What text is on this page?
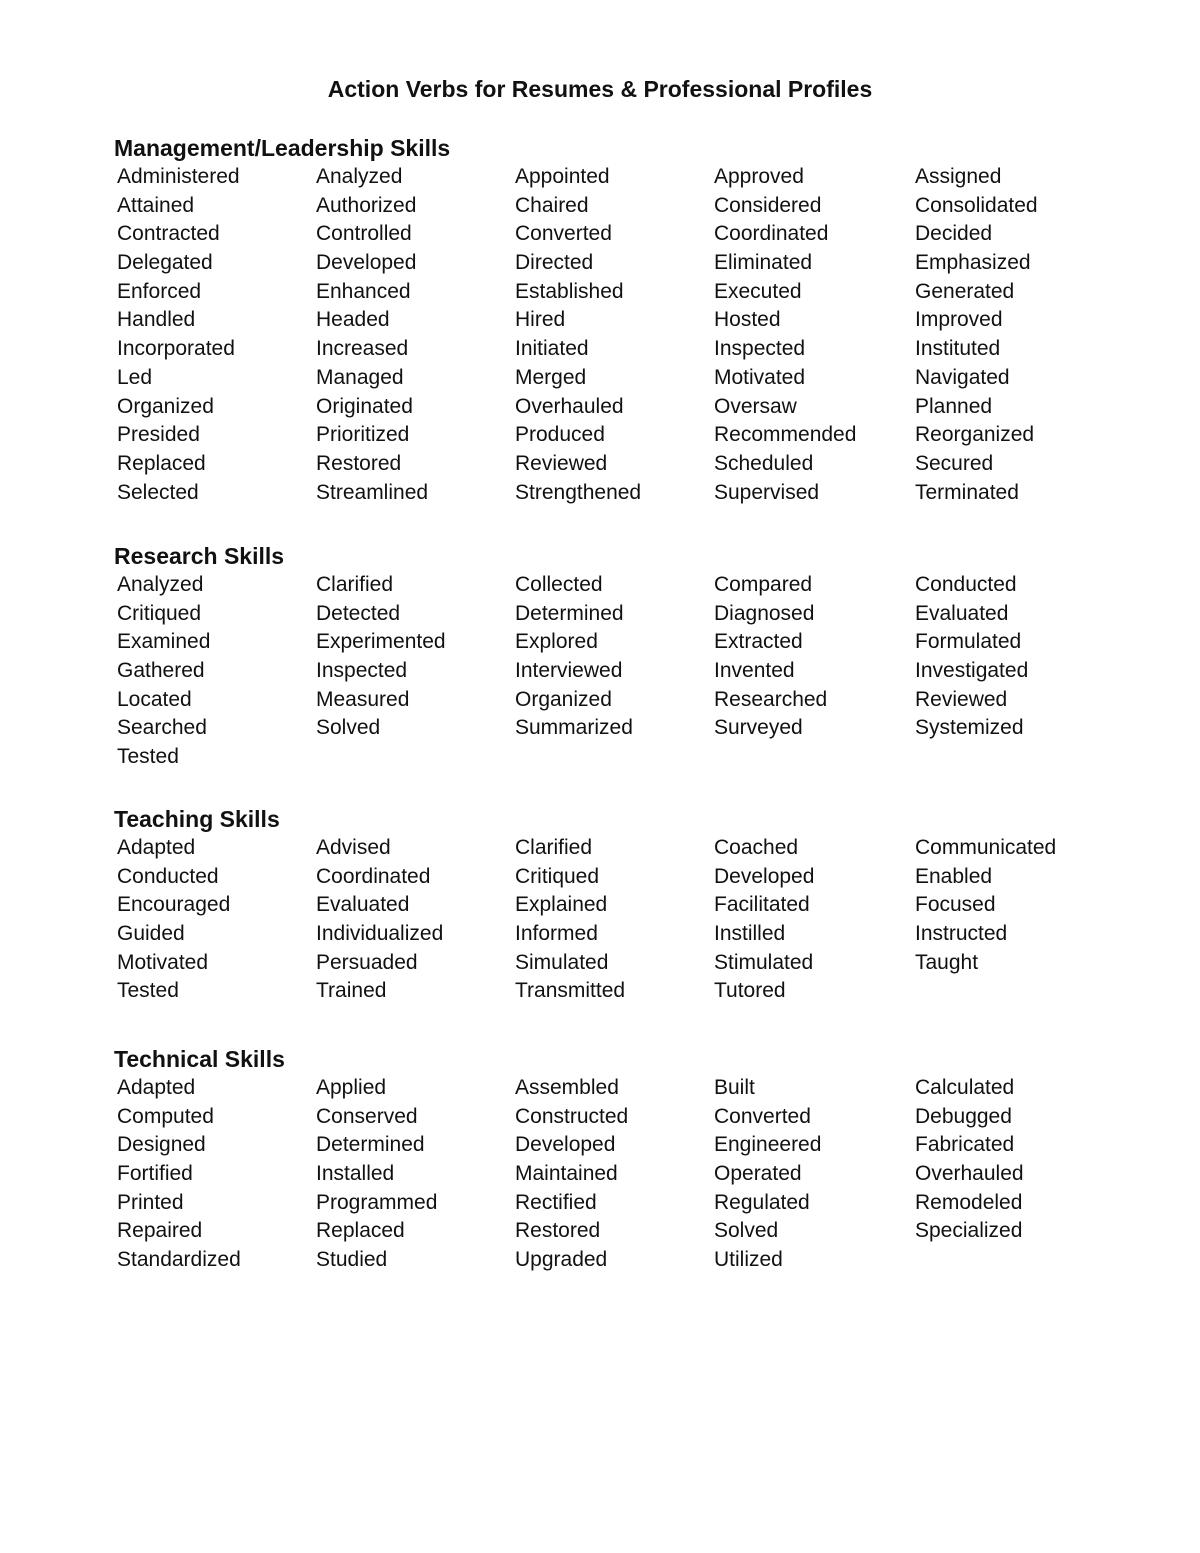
Action Verbs for Resumes & Professional Profiles
Management/Leadership Skills
Administered	Analyzed	Appointed	Approved	Assigned
Attained	Authorized	Chaired	Considered	Consolidated
Contracted	Controlled	Converted	Coordinated	Decided
Delegated	Developed	Directed	Eliminated	Emphasized
Enforced	Enhanced	Established	Executed	Generated
Handled	Headed	Hired	Hosted	Improved
Incorporated	Increased	Initiated	Inspected	Instituted
Led	Managed	Merged	Motivated	Navigated
Organized	Originated	Overhauled	Oversaw	Planned
Presided	Prioritized	Produced	Recommended	Reorganized
Replaced	Restored	Reviewed	Scheduled	Secured
Selected	Streamlined	Strengthened	Supervised	Terminated
Research Skills
Analyzed	Clarified	Collected	Compared	Conducted
Critiqued	Detected	Determined	Diagnosed	Evaluated
Examined	Experimented	Explored	Extracted	Formulated
Gathered	Inspected	Interviewed	Invented	Investigated
Located	Measured	Organized	Researched	Reviewed
Searched	Solved	Summarized	Surveyed	Systemized
Tested
Teaching Skills
Adapted	Advised	Clarified	Coached	Communicated
Conducted	Coordinated	Critiqued	Developed	Enabled
Encouraged	Evaluated	Explained	Facilitated	Focused
Guided	Individualized	Informed	Instilled	Instructed
Motivated	Persuaded	Simulated	Stimulated	Taught
Tested	Trained	Transmitted	Tutored
Technical Skills
Adapted	Applied	Assembled	Built	Calculated
Computed	Conserved	Constructed	Converted	Debugged
Designed	Determined	Developed	Engineered	Fabricated
Fortified	Installed	Maintained	Operated	Overhauled
Printed	Programmed	Rectified	Regulated	Remodeled
Repaired	Replaced	Restored	Solved	Specialized
Standardized	Studied	Upgraded	Utilized
